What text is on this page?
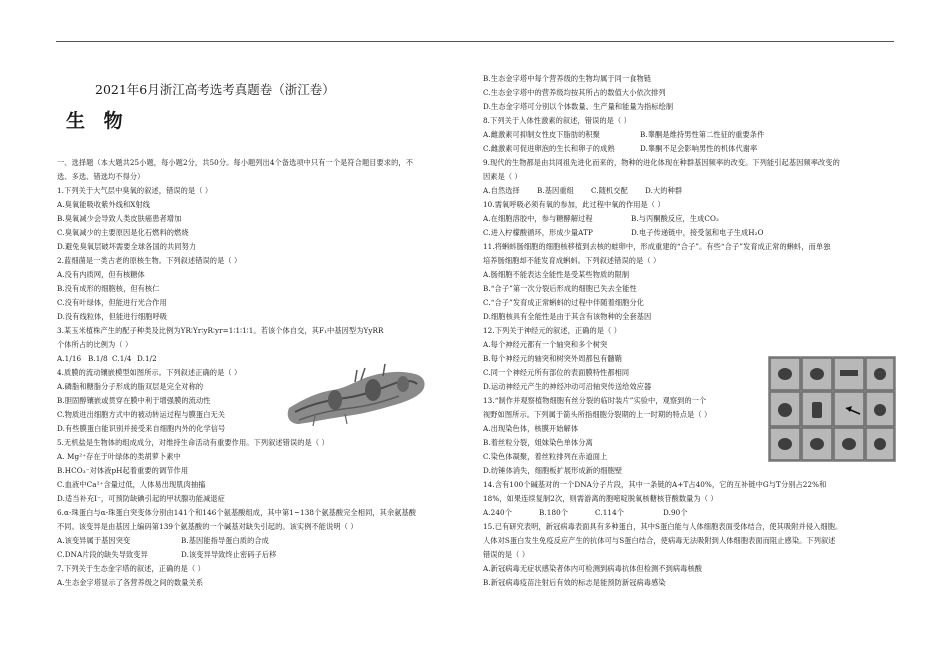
2021年6月浙江高考选考真题卷（浙江卷）
生 物
一、选择题（本大题共25小题，每小题2分，共50分。每小题列出4个备选项中只有一个是符合题目要求的，不
选、多选、错选均不得分）
1.下列关于大气层中臭氧的叙述，错误的是（ ）
A.臭氧能吸收紫外线和X射线
B.臭氧减少会导致人类皮肤癌患者增加
C.臭氧减少的主要原因是化石燃料的燃烧
D.避免臭氧层破坏需要全球各国的共同努力
2.蓝细菌是一类古老的原核生物。下列叙述错误的是（ ）
A.没有内质网，但有核糖体
B.没有成形的细胞核，但有核仁
C.没有叶绿体，但能进行光合作用
D.没有线粒体，但能进行细胞呼吸
3.某玉米植株产生的配子种类及比例为YR∶Yr∶yR∶yr=1∶1∶1∶1。若该个体自交，其F₁中基因型为YyRR
个体所占的比例为（ ）
A.1/16 B.1/8 C.1/4 D.1/2
4.质膜的流动镶嵌模型如图所示。下列叙述正确的是（ ）
A.磷脂和糖脂分子形成的脂双层是完全对称的
B.胆固醇镶嵌或贯穿在膜中利于增强膜的流动性
C.物质进出细胞方式中的被动转运过程与膜蛋白无关
D.有些膜蛋白能识别并接受来自细胞内外的化学信号
5.无机盐是生物体的组成成分，对维持生命活动有重要作用。下列叙述错误的是（ ）
A. Mg²⁺存在于叶绿体的类胡萝卜素中
B.HCO₃⁻对体液pH起着重要的调节作用
C.血液中Ca²⁺含量过低，人体易出现肌肉抽搐
D.适当补充I⁻，可预防缺碘引起的甲状腺功能减退症
6.α-珠蛋白与α-珠蛋白突变体分别由141个和146个氨基酸组成，其中第1~138个氨基酸完全相同，其余氨基酸
不同。该变异是由基因上编码第139个氨基酸的一个碱基对缺失引起的。该实例不能说明（ ）
A.该变异属于基因突变	B.基因能指导蛋白质的合成
C.DNA片段的缺失导致变异	D.该变异导致终止密码子后移
7.下列关于生态金字塔的叙述，正确的是（ ）
A.生态金字塔显示了各营养级之间的数量关系
B.生态金字塔中每个营养级的生物均属于同一食物链
C.生态金字塔中的营养级均按其所占的数值大小依次排列
D.生态金字塔可分别以个体数量、生产量和能量为指标绘制
8.下列关于人体性激素的叙述，错误的是（ ）
A.雌激素可抑制女性皮下脂肪的积聚	B.睾酮是维持男性第二性征的重要条件
C.雌激素可促进卵泡的生长和卵子的成熟	D.睾酮不足会影响男性的机体代谢率
9.现代的生物都是由共同祖先进化而来的，物种的进化体现在种群基因频率的改变。下列能引起基因频率改变的
因素是（ ）
A.自然选择 B.基因重组 C.随机交配 D.大的种群
10.需氧呼吸必须有氧的参加，此过程中氧的作用是（ ）
A.在细胞溶胶中，参与糖酵解过程	B.与丙酮酸反应，生成CO₂
C.进入柠檬酸循环，形成少量ATP	D.电子传递链中，接受氢和电子生成H₂O
11.将蝌蚪肠细胞的细胞核移植到去核的蛙卵中，形成重建的“合子”。有些“合子”发育成正常的蝌蚪，而单独
培养肠细胞却不能发育成蝌蚪。下列叙述错误的是（ ）
A.肠细胞不能表达全能性是受某些物质的限制
B.“合子”第一次分裂后形成的细胞已失去全能性
C.“合子”发育成正常蝌蚪的过程中伴随着细胞分化
D.细胞核具有全能性是由于其含有该物种的全套基因
12.下列关于神经元的叙述，正确的是（ ）
A.每个神经元都有一个轴突和多个树突
B.每个神经元的轴突和树突外周都包有髓鞘
C.同一个神经元所有部位的表面膜特性都相同
D.运动神经元产生的神经冲动可沿轴突传送给效应器
13.“制作并观察植物细胞有丝分裂的临时装片”实验中，观察到的一个
视野如图所示。下列属于箭头所指细胞分裂期的上一时期的特点是（ ）
A.出现染色体，核膜开始解体
B.着丝粒分裂，姐妹染色单体分离
C.染色体凝聚，着丝粒排列在赤道面上
D.纺锤体消失，细胞板扩展形成新的细胞壁
14.含有100个碱基对的一个DNA分子片段，其中一条链的A+T占40%，它的互补链中G与T分别占22%和
18%，如果连续复制2次，则需游离的胞嘧啶脱氧核糖核苷酸数量为（ ）
A.240个	B.180个	C.114个	D.90个
15.已有研究表明，新冠病毒表面具有多种蛋白，其中S蛋白能与人体细胞表面受体结合，使其吸附并侵入细胞。
人体对S蛋白发生免疫反应产生的抗体可与S蛋白结合，使病毒无法吸附到人体细胞表面而阻止感染。下列叙述
错误的是（ ）
A.新冠病毒无症状感染者体内可检测到病毒抗体但检测不到病毒核酸
B.新冠病毒疫苗注射后有效的标志是能预防新冠病毒感染
